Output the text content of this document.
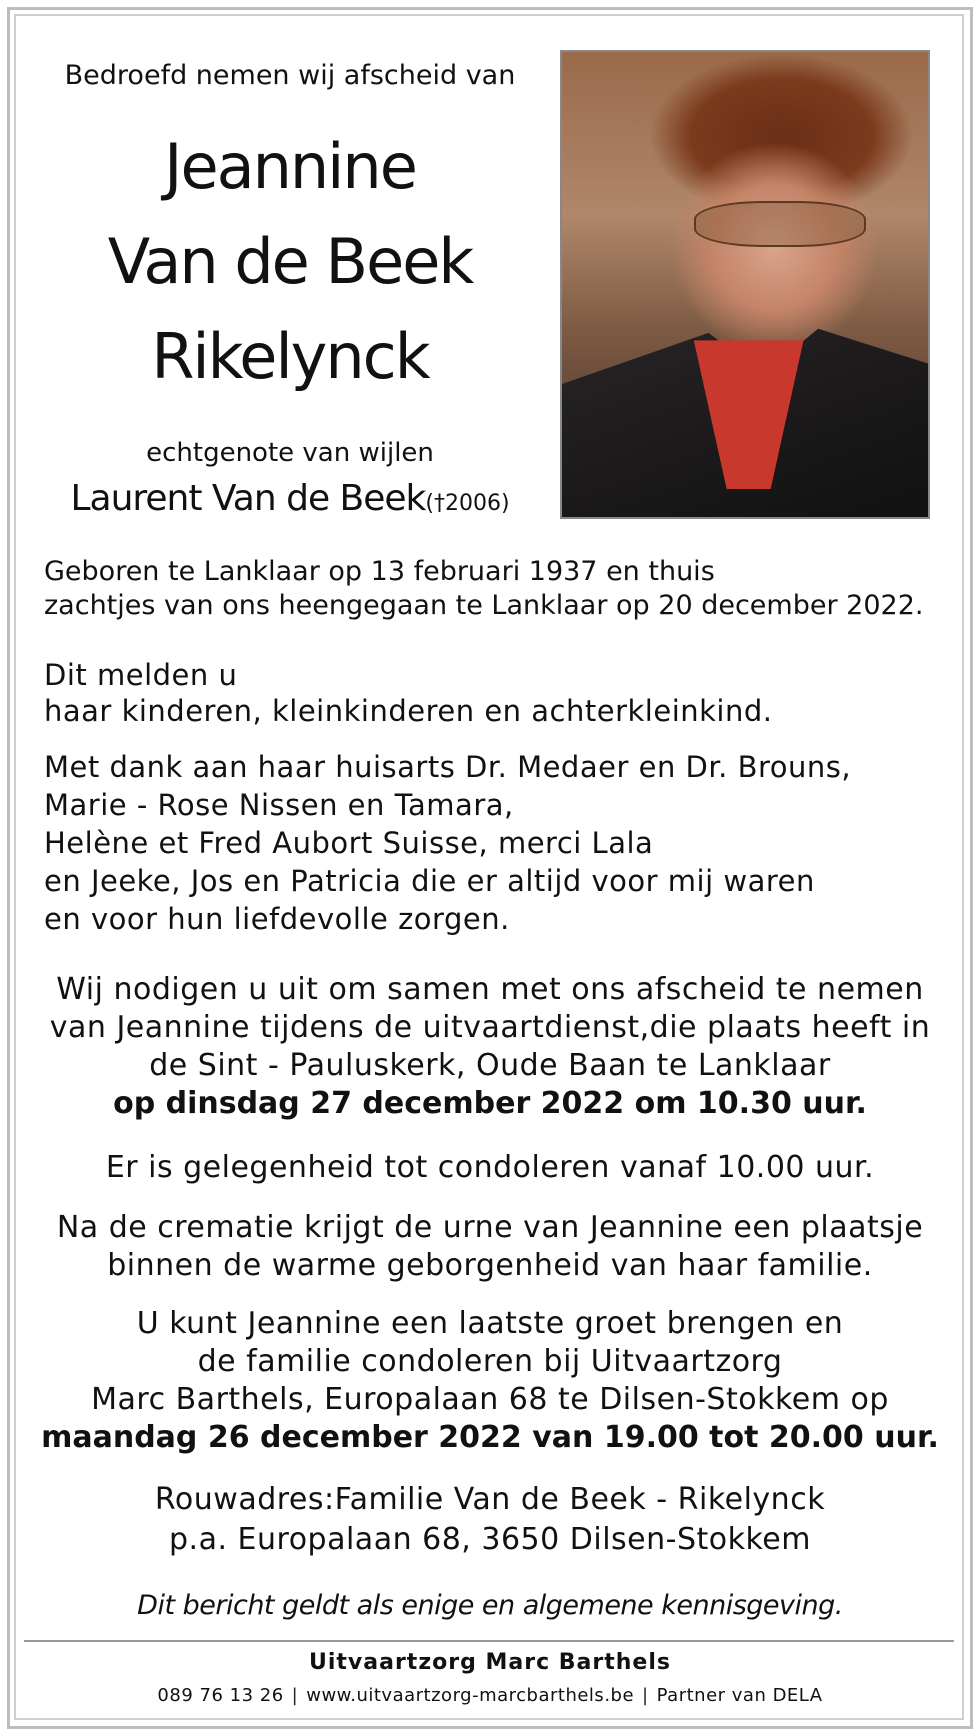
Bedroefd nemen wij afscheid van
Jeannine
Van de Beek
Rikelynck
echtgenote van wijlen
Laurent Van de Beek(†2006)
Geboren te Lanklaar op 13 februari 1937 en thuis
zachtjes van ons heengegaan te Lanklaar op 20 december 2022.
Dit melden u
haar kinderen, kleinkinderen en achterkleinkind.
Met dank aan haar huisarts Dr. Medaer en Dr. Brouns,
Marie - Rose Nissen en Tamara,
Helène et Fred Aubort Suisse, merci Lala
en Jeeke, Jos en Patricia die er altijd voor mij waren
en voor hun liefdevolle zorgen.
Wij nodigen u uit om samen met ons afscheid te nemen
van Jeannine tijdens de uitvaartdienst,die plaats heeft in
de Sint - Pauluskerk, Oude Baan te Lanklaar
op dinsdag 27 december 2022 om 10.30 uur.
Er is gelegenheid tot condoleren vanaf 10.00 uur.
Na de crematie krijgt de urne van Jeannine een plaatsje
binnen de warme geborgenheid van haar familie.
U kunt Jeannine een laatste groet brengen en
de familie condoleren bij Uitvaartzorg
Marc Barthels, Europalaan 68 te Dilsen-Stokkem op
maandag 26 december 2022 van 19.00 tot 20.00 uur.
Rouwadres:Familie Van de Beek - Rikelynck
p.a. Europalaan 68, 3650 Dilsen-Stokkem
Dit bericht geldt als enige en algemene kennisgeving.
Uitvaartzorg Marc Barthels
089 76 13 26 | www.uitvaartzorg-marcbarthels.be | Partner van DELA
